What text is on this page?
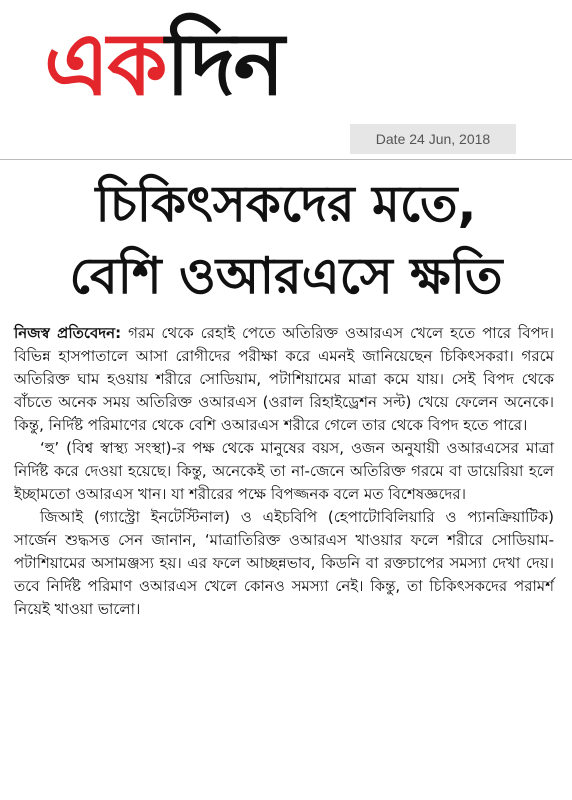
একদিন
Date 24 Jun, 2018
চিকিৎসকদের মতে,
বেশি ওআরএসে ক্ষতি

নিজস্ব প্রতিবেদন: গরম থেকে রেহাই পেতে অতিরিক্ত ওআরএস খেলে হতে পারে বিপদ। বিভিন্ন হাসপাতালে আসা রোগীদের পরীক্ষা করে এমনই জানিয়েছেন চিকিৎসকরা। গরমে অতিরিক্ত ঘাম হওয়ায় শরীরে সোডিয়াম, পটাশিয়ামের মাত্রা কমে যায়। সেই বিপদ থেকে বাঁচতে অনেক সময় অতিরিক্ত ওআরএস (ওরাল রিহাইড্রেশন সল্ট) খেয়ে ফেলেন অনেকে। কিন্তু, নির্দিষ্ট পরিমাণের থেকে বেশি ওআরএস শরীরে গেলে তার থেকে বিপদ হতে পারে।

‘হু’ (বিশ্ব স্বাস্থ্য সংস্থা)-র পক্ষ থেকে মানুষের বয়স, ওজন অনুযায়ী ওআরএসের মাত্রা নির্দিষ্ট করে দেওয়া হয়েছে। কিন্তু, অনেকেই তা না-জেনে অতিরিক্ত গরমে বা ডায়েরিয়া হলে ইচ্ছামতো ওআরএস খান। যা শরীরের পক্ষে বিপজ্জনক বলে মত বিশেষজ্ঞদের।

জিআই (গ্যাস্ট্রো ইনটেস্টিনাল) ও এইচবিপি (হেপাটোবিলিয়ারি ও প্যানক্রিয়াটিক) সার্জেন শুদ্ধসত্ত সেন জানান, ‘মাত্রাতিরিক্ত ওআরএস খাওয়ার ফলে শরীরে সোডিয়াম-পটাশিয়ামের অসামঞ্জস্য হয়। এর ফলে আচ্ছন্নভাব, কিডনি বা রক্তচাপের সমস্যা দেখা দেয়। তবে নির্দিষ্ট পরিমাণ ওআরএস খেলে কোনও সমস্যা নেই। কিন্তু, তা চিকিৎসকদের পরামর্শ নিয়েই খাওয়া ভালো।
